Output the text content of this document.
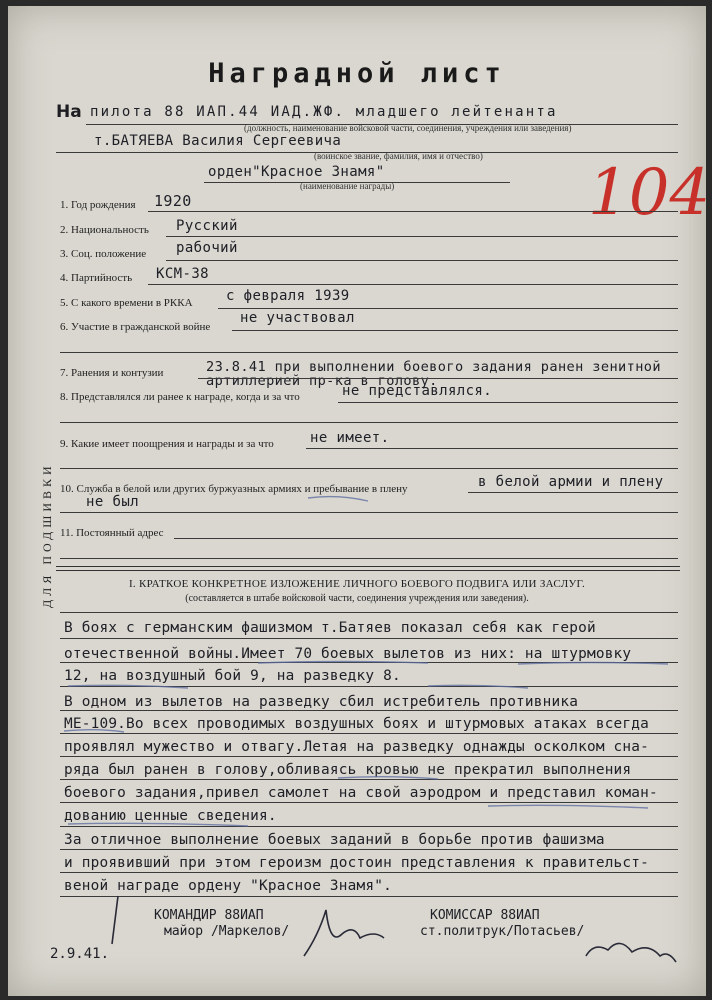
Наградной лист
На пилота 88 ИАП.44 ИАД.ЖФ. младшего лейтенанта
(должность, наименование войсковой части, соединения, учреждения или заведения)
т.БАТЯЕВА Василия Сергеевича
(воинское звание, фамилия, имя и отчество)
орден"Красное Знамя"
(наименование награды)	104
1. Год рождения 1920
2. Национальность Русский
3. Соц. положение рабочий
4. Партийность КСМ-38
5. С какого времени в РККА с февраля 1939
6. Участие в гражданской войне
не участвовал
7. Ранения и контузии	23.8.41 при выполнении боевого задания ранен зенитной
артиллерией пр-ка в голову.
8. Представлялся ли ранее к награде, когда и за что	не представлялся.
9. Какие имеет поощрения и награды и за что	не имеет.
10. Служба в белой или других буржуазных армиях и пребывание в плену	в белой армии и плену
не был
11. Постоянный адрес
ДЛЯ ПОДШИВКИ	I. КРАТКОЕ КОНКРЕТНОЕ ИЗЛОЖЕНИЕ ЛИЧНОГО БОЕВОГО ПОДВИГА ИЛИ ЗАСЛУГ.
(составляется в штабе войсковой части, соединения учреждения или заведения).
В боях с германским фашизмом т.Батяев показал себя как герой
отечественной войны.Имеет 70 боевых вылетов из них: на штурмовку
12, на воздушный бой 9, на разведку 8.
В одном из вылетов на разведку сбил истребитель противника
МЕ-109.Во всех проводимых воздушных боях и штурмовых атаках всегда
проявлял мужество и отвагу.Летая на разведку однажды осколком сна-
ряда был ранен в голову,обливаясь кровью не прекратил выполнения
боевого задания,привел самолет на свой аэродром и представил коман-
дованию ценные сведения.
За отличное выполнение боевых заданий в борьбе против фашизма
и проявивший при этом героизм достоин представления к правительст-
веной награде ордену "Красное Знамя".
КОМАНДИР 88ИАП
майор /Маркелов/
КОМИССАР 88ИАП
ст.политрук/Потасьев/
2.9.41.
